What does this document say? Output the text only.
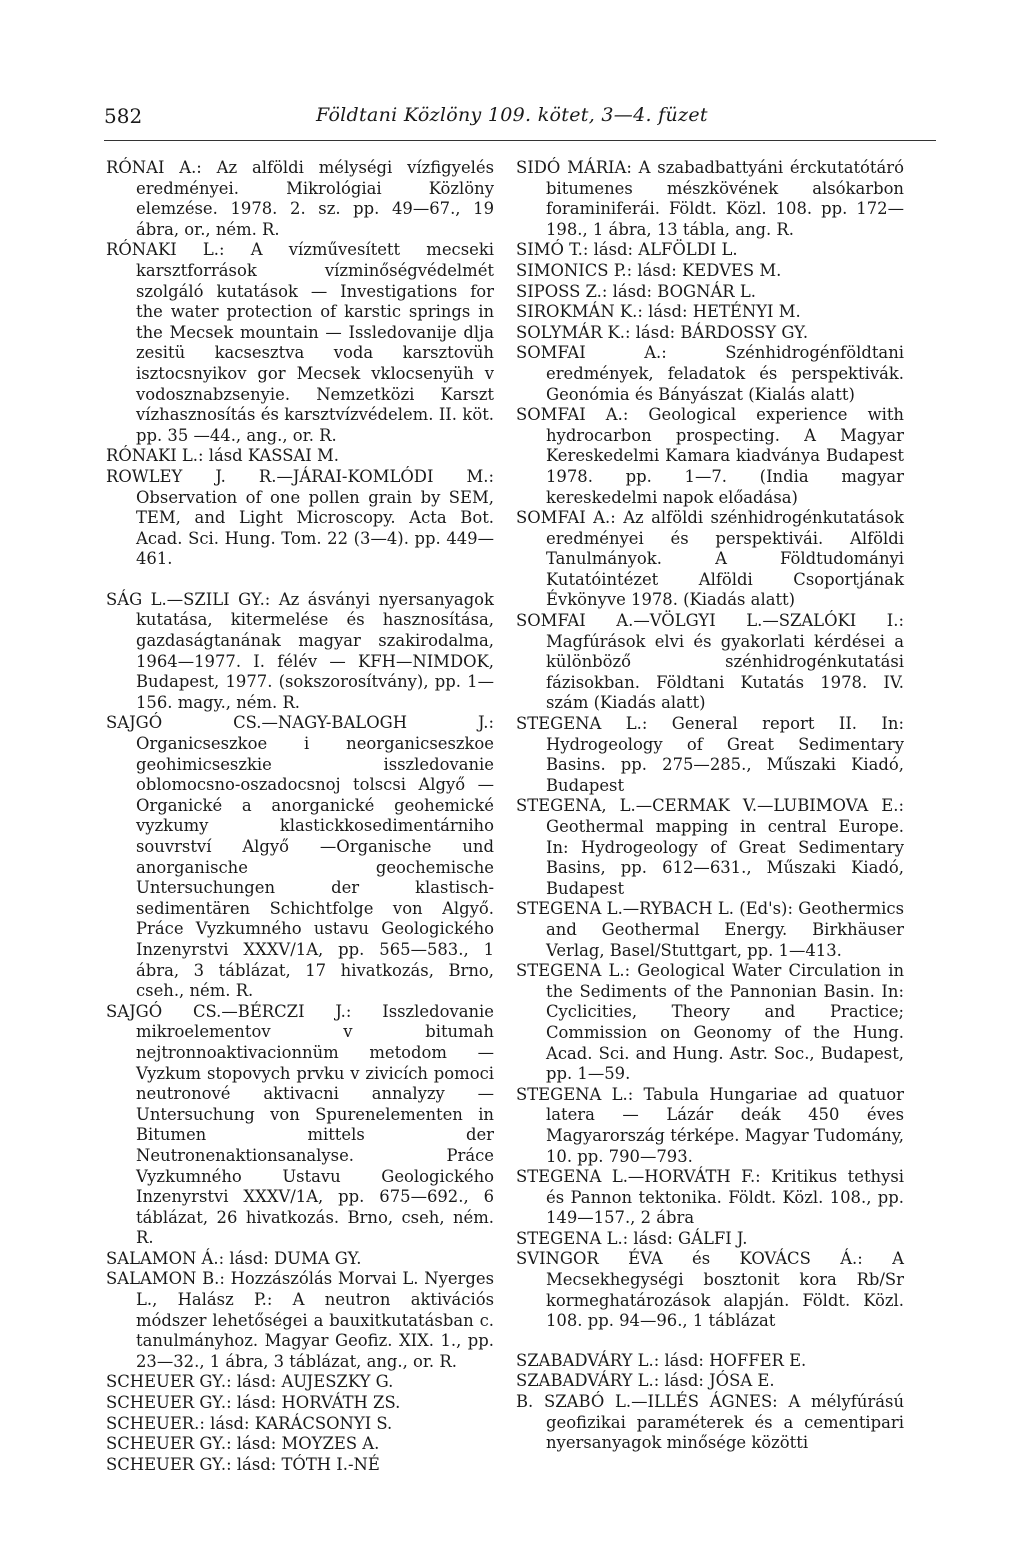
582	Földtani Közlöny 109. kötet, 3—4. füzet

RÓNAI A.: Az alföldi mélységi vízfigyelés eredményei. Mikrológiai Közlöny elemzése. 1978. 2. sz. pp. 49—67., 19 ábra, or., ném. R.

RÓNAKI L.: A vízművesített mecseki karsztforrások vízminőségvédelmét szolgáló kutatások — Investigations for the water protection of karstic springs in the Mecsek mountain — Issledovanije dlja zesitü kacsesztva voda karsztovüh isztocsnyikov gor Mecsek vklocsenyüh v vodosznabzsenyie. Nemzetközi Karszt vízhasznosítás és karsztvízvédelem. II. köt. pp. 35 —44., ang., or. R.

RÓNAKI L.: lásd KASSAI M.

ROWLEY J. R.—JÁRAI-KOMLÓDI M.: Observation of one pollen grain by SEM, TEM, and Light Microscopy. Acta Bot. Acad. Sci. Hung. Tom. 22 (3—4). pp. 449—461.

SÁG L.—SZILI GY.: Az ásványi nyersanyagok kutatása, kitermelése és hasznosítása, gazdaságtanának magyar szakirodalma, 1964—1977. I. félév — KFH—NIMDOK, Budapest, 1977. (sokszorosítvány), pp. 1—156. magy., ném. R.

SAJGÓ CS.—NAGY-BALOGH J.: Organicseszkoe i neorganicseszkoe geohimicseszkie isszledovanie oblomocsno-oszadocsnoj tolscsi Algyő — Organické a anorganické geohemické vyzkumy klastickkosedimentárniho souvrství Algyő —Organische und anorganische geochemische Untersuchungen der klastisch-sedimentären Schichtfolge von Algyő. Práce Vyzkumného ustavu Geologického Inzenyrstvi XXXV/1A, pp. 565—583., 1 ábra, 3 táblázat, 17 hivatkozás, Brno, cseh., ném. R.

SAJGÓ CS.—BÉRCZI J.: Isszledovanie mikroelementov v bitumah nejtronnoaktivacionnüm metodom — Vyzkum stopovych prvku v zivicích pomoci neutronové aktivacni annalyzy — Untersuchung von Spurenelementen in Bitumen mittels der Neutronenaktionsanalyse. Práce Vyzkumného Ustavu Geologického Inzenyrstvi XXXV/1A, pp. 675—692., 6 táblázat, 26 hivatkozás. Brno, cseh, ném. R.

SALAMON Á.: lásd: DUMA GY.

SALAMON B.: Hozzászólás Morvai L. Nyerges L., Halász P.: A neutron aktivációs módszer lehetőségei a bauxitkutatásban c. tanulmányhoz. Magyar Geofiz. XIX. 1., pp. 23—32., 1 ábra, 3 táblázat, ang., or. R.

SCHEUER GY.: lásd: AUJESZKY G.

SCHEUER GY.: lásd: HORVÁTH ZS.

SCHEUER.: lásd: KARÁCSONYI S.

SCHEUER GY.: lásd: MOYZES A.

SCHEUER GY.: lásd: TÓTH I.-NÉ

SIDÓ MÁRIA: A szabadbattyáni érckutatótáró bitumenes mészkövének alsókarbon foraminiferái. Földt. Közl. 108. pp. 172—198., 1 ábra, 13 tábla, ang. R.

SIMÓ T.: lásd: ALFÖLDI L.

SIMONICS P.: lásd: KEDVES M.

SIPOSS Z.: lásd: BOGNÁR L.

SIROKMÁN K.: lásd: HETÉNYI M.

SOLYMÁR K.: lásd: BÁRDOSSY GY.

SOMFAI A.: Szénhidrogénföldtani eredmények, feladatok és perspektivák. Geonómia és Bányászat (Kialás alatt)

SOMFAI A.: Geological experience with hydrocarbon prospecting. A Magyar Kereskedelmi Kamara kiadványa Budapest 1978. pp. 1—7. (India magyar kereskedelmi napok előadása)

SOMFAI A.: Az alföldi szénhidrogénkutatások eredményei és perspektivái. Alföldi Tanulmányok. A Földtudományi Kutatóintézet Alföldi Csoportjának Évkönyve 1978. (Kiadás alatt)

SOMFAI A.—VÖLGYI L.—SZALÓKI I.: Magfúrások elvi és gyakorlati kérdései a különböző szénhidrogénkutatási fázisokban. Földtani Kutatás 1978. IV. szám (Kiadás alatt)

STEGENA L.: General report II. In: Hydrogeology of Great Sedimentary Basins. pp. 275—285., Műszaki Kiadó, Budapest

STEGENA, L.—CERMAK V.—LUBIMOVA E.: Geothermal mapping in central Europe. In: Hydrogeology of Great Sedimentary Basins, pp. 612—631., Műszaki Kiadó, Budapest

STEGENA L.—RYBACH L. (Ed's): Geothermics and Geothermal Energy. Birkhäuser Verlag, Basel/Stuttgart, pp. 1—413.

STEGENA L.: Geological Water Circulation in the Sediments of the Pannonian Basin. In: Cyclicities, Theory and Practice; Commission on Geonomy of the Hung. Acad. Sci. and Hung. Astr. Soc., Budapest, pp. 1—59.

STEGENA L.: Tabula Hungariae ad quatuor latera — Lázár deák 450 éves Magyarország térképe. Magyar Tudomány, 10. pp. 790—793.

STEGENA L.—HORVÁTH F.: Kritikus tethysi és Pannon tektonika. Földt. Közl. 108., pp. 149—157., 2 ábra

STEGENA L.: lásd: GÁLFI J.

SVINGOR ÉVA és KOVÁCS Á.: A Mecsekhegységi bosztonit kora Rb/Sr kormeghatározások alapján. Földt. Közl. 108. pp. 94—96., 1 táblázat

SZABADVÁRY L.: lásd: HOFFER E.

SZABADVÁRY L.: lásd: JÓSA E.

B. SZABÓ L.—ILLÉS ÁGNES: A mélyfúrású geofizikai paraméterek és a cementipari nyersanyagok minősége közötti
